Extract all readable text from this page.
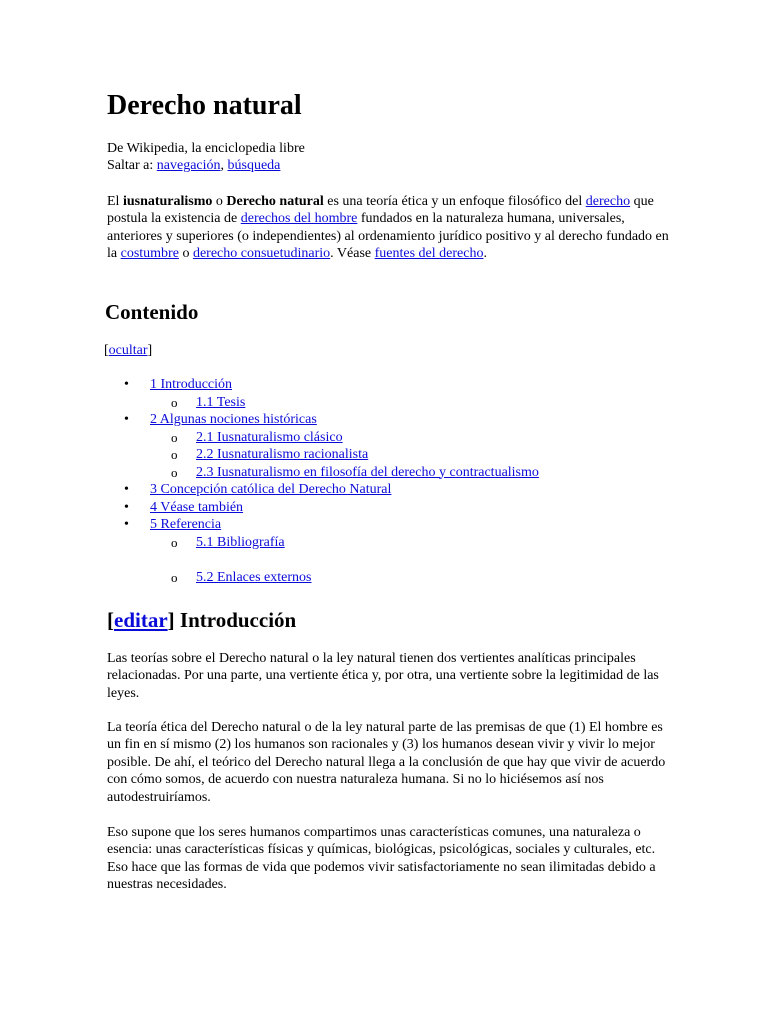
Derecho natural
De Wikipedia, la enciclopedia libre
Saltar a: navegación, búsqueda

El iusnaturalismo o Derecho natural es una teoría ética y un enfoque filosófico del derecho que postula la existencia de derechos del hombre fundados en la naturaleza humana, universales, anteriores y superiores (o independientes) al ordenamiento jurídico positivo y al derecho fundado en la costumbre o derecho consuetudinario. Véase fuentes del derecho.

Contenido
[ocultar]
• 1 Introducción
o 1.1 Tesis
• 2 Algunas nociones históricas
o 2.1 Iusnaturalismo clásico
o 2.2 Iusnaturalismo racionalista
o 2.3 Iusnaturalismo en filosofía del derecho y contractualismo
• 3 Concepción católica del Derecho Natural
• 4 Véase también
• 5 Referencia
o 5.1 Bibliografía
o 5.2 Enlaces externos
[editar] Introducción

Las teorías sobre el Derecho natural o la ley natural tienen dos vertientes analíticas principales relacionadas. Por una parte, una vertiente ética y, por otra, una vertiente sobre la legitimidad de las leyes.

La teoría ética del Derecho natural o de la ley natural parte de las premisas de que (1) El hombre es un fin en sí mismo (2) los humanos son racionales y (3) los humanos desean vivir y vivir lo mejor posible. De ahí, el teórico del Derecho natural llega a la conclusión de que hay que vivir de acuerdo con cómo somos, de acuerdo con nuestra naturaleza humana. Si no lo hiciésemos así nos autodestruiríamos.

Eso supone que los seres humanos compartimos unas características comunes, una naturaleza o esencia: unas características físicas y químicas, biológicas, psicológicas, sociales y culturales, etc. Eso hace que las formas de vida que podemos vivir satisfactoriamente no sean ilimitadas debido a nuestras necesidades.
